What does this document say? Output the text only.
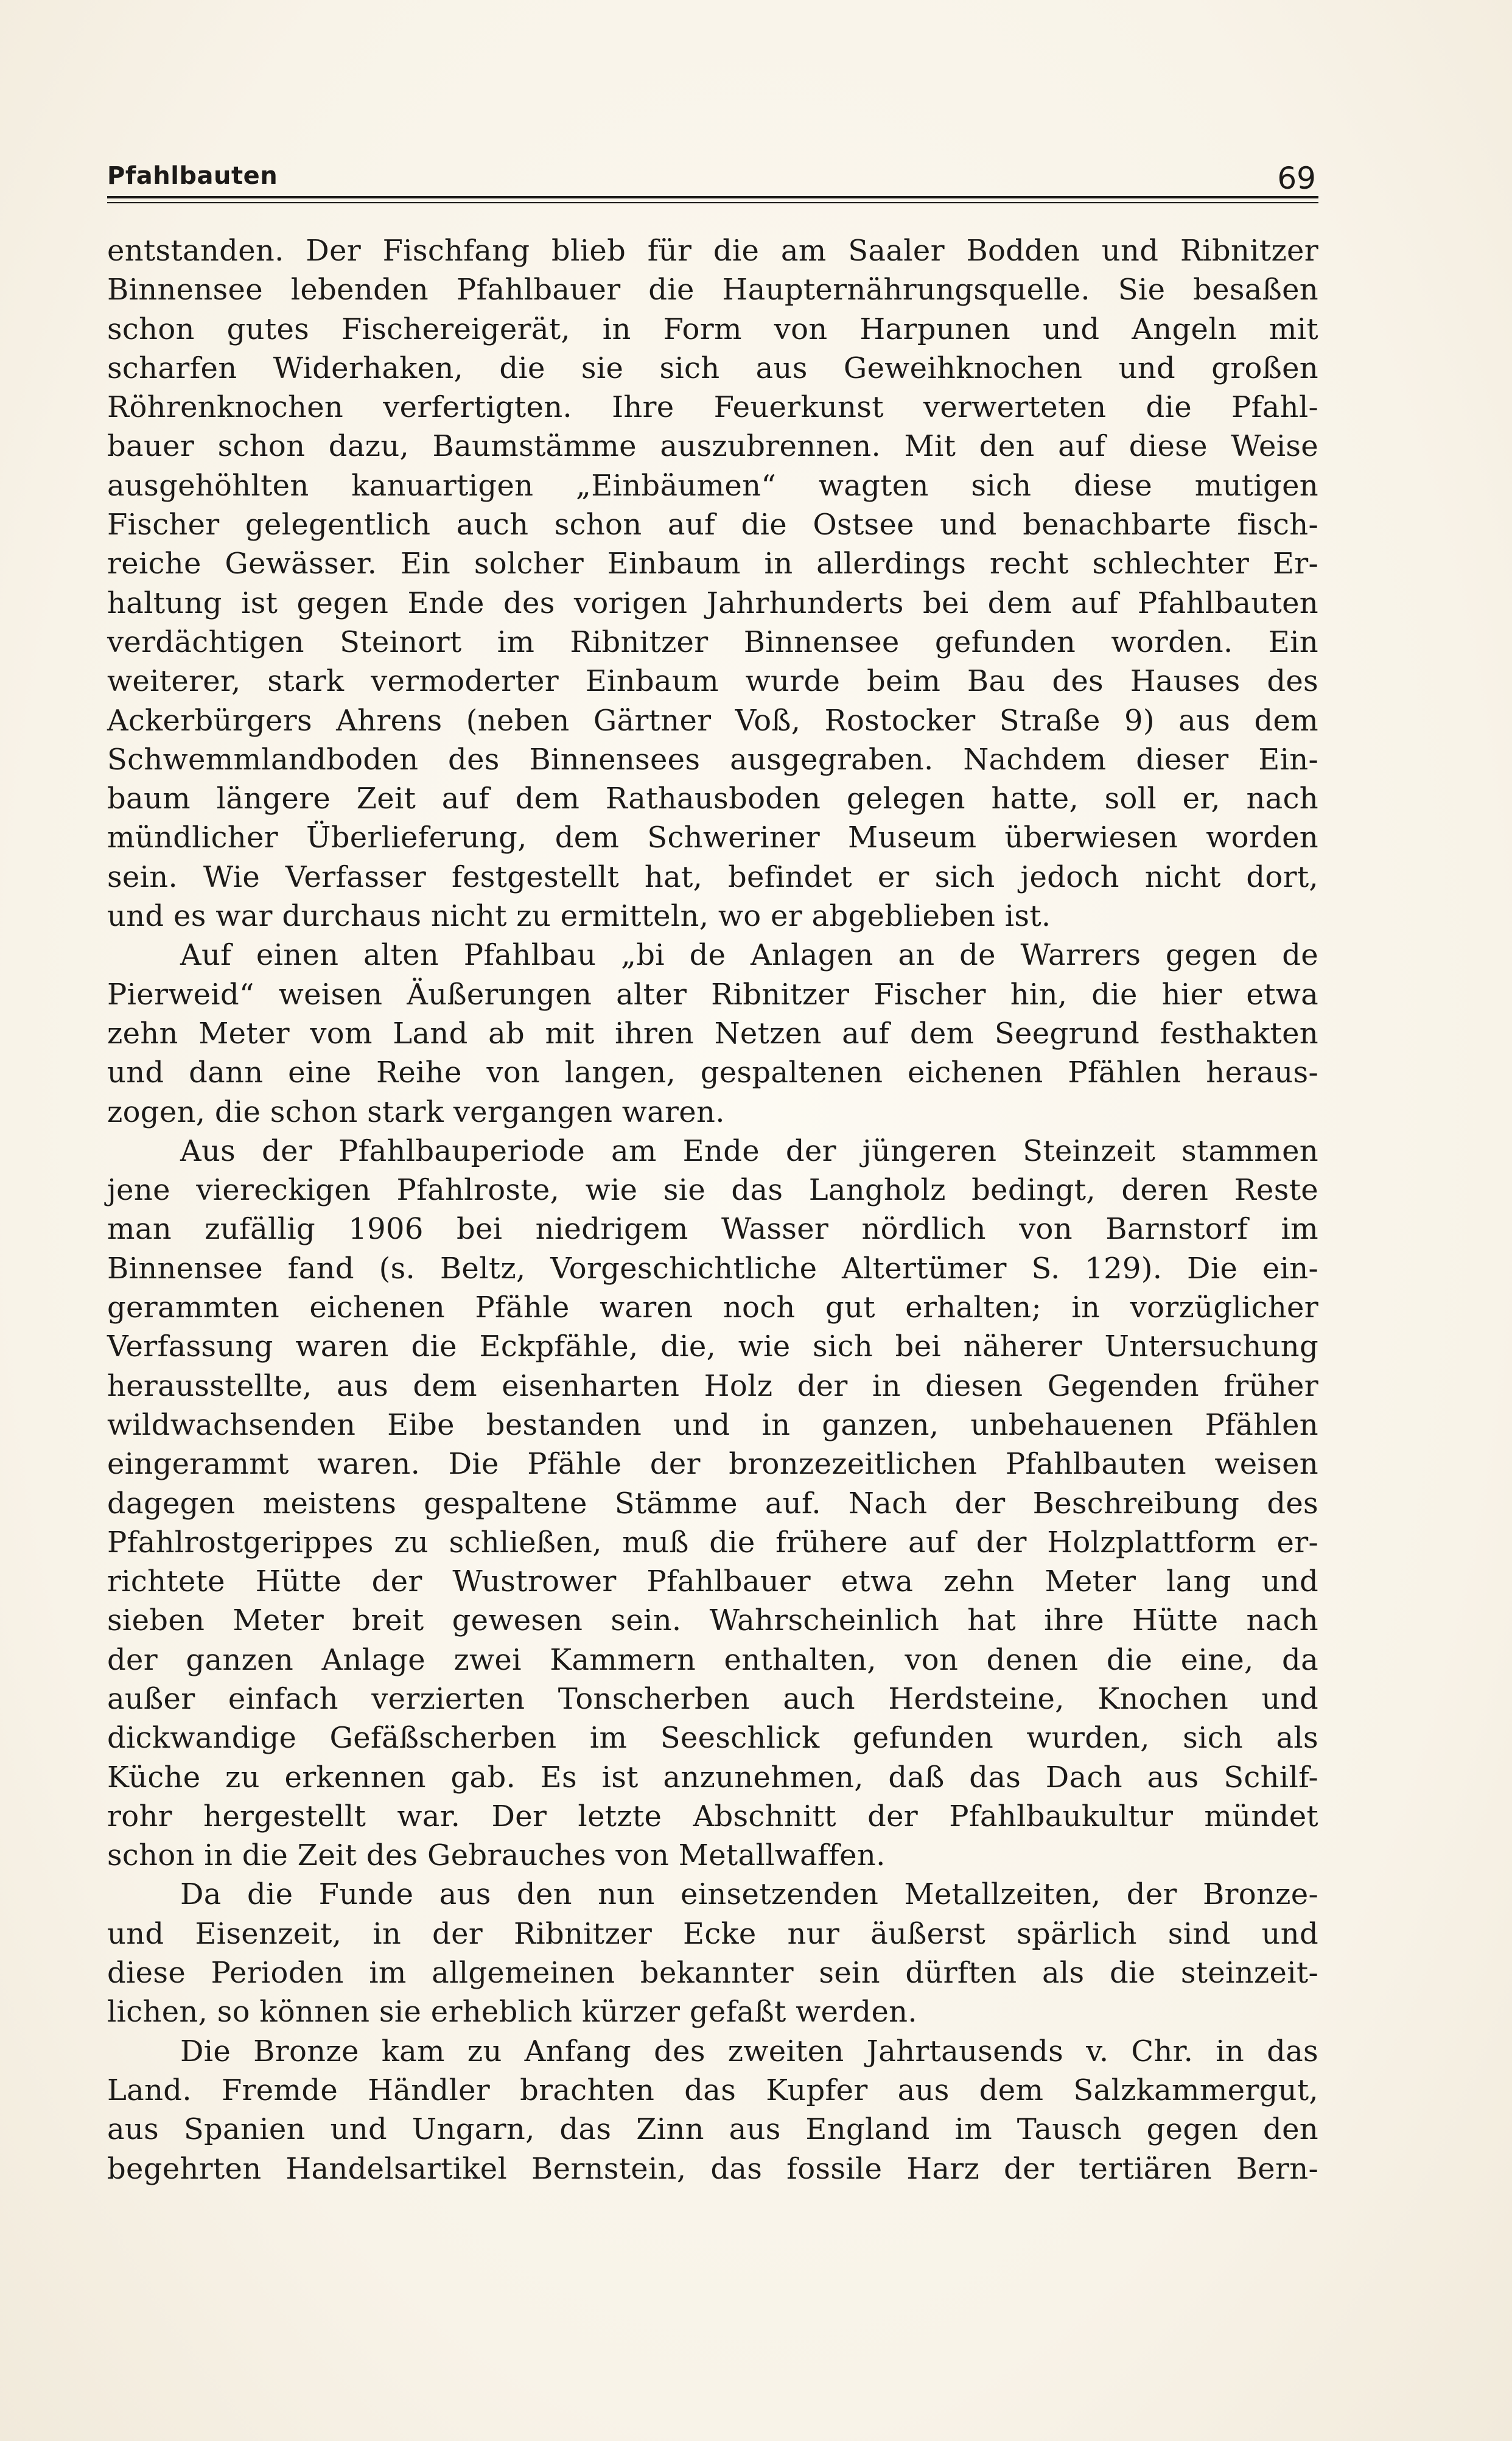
Pfahlbauten	69
entstanden. Der Fischfang blieb für die am Saaler Bodden und Ribnitzer
Binnensee lebenden Pfahlbauer die Haupternährungsquelle. Sie besaßen
schon gutes Fischereigerät, in Form von Harpunen und Angeln mit
scharfen Widerhaken, die sie sich aus Geweihknochen und großen
Röhrenknochen verfertigten. Ihre Feuerkunst verwerteten die Pfahl-
bauer schon dazu, Baumstämme auszubrennen. Mit den auf diese Weise
ausgehöhlten kanuartigen „Einbäumen“ wagten sich diese mutigen
Fischer gelegentlich auch schon auf die Ostsee und benachbarte fisch-
reiche Gewässer. Ein solcher Einbaum in allerdings recht schlechter Er-
haltung ist gegen Ende des vorigen Jahrhunderts bei dem auf Pfahlbauten
verdächtigen Steinort im Ribnitzer Binnensee gefunden worden. Ein
weiterer, stark vermoderter Einbaum wurde beim Bau des Hauses des
Ackerbürgers Ahrens (neben Gärtner Voß, Rostocker Straße 9) aus dem
Schwemmlandboden des Binnensees ausgegraben. Nachdem dieser Ein-
baum längere Zeit auf dem Rathausboden gelegen hatte, soll er, nach
mündlicher Überlieferung, dem Schweriner Museum überwiesen worden
sein. Wie Verfasser festgestellt hat, befindet er sich jedoch nicht dort,
und es war durchaus nicht zu ermitteln, wo er abgeblieben ist.
Auf einen alten Pfahlbau „bi de Anlagen an de Warrers gegen de
Pierweid“ weisen Äußerungen alter Ribnitzer Fischer hin, die hier etwa
zehn Meter vom Land ab mit ihren Netzen auf dem Seegrund festhakten
und dann eine Reihe von langen, gespaltenen eichenen Pfählen heraus-
zogen, die schon stark vergangen waren.
Aus der Pfahlbauperiode am Ende der jüngeren Steinzeit stammen
jene viereckigen Pfahlroste, wie sie das Langholz bedingt, deren Reste
man zufällig 1906 bei niedrigem Wasser nördlich von Barnstorf im
Binnensee fand (s. Beltz, Vorgeschichtliche Altertümer S. 129). Die ein-
gerammten eichenen Pfähle waren noch gut erhalten; in vorzüglicher
Verfassung waren die Eckpfähle, die, wie sich bei näherer Untersuchung
herausstellte, aus dem eisenharten Holz der in diesen Gegenden früher
wildwachsenden Eibe bestanden und in ganzen, unbehauenen Pfählen
eingerammt waren. Die Pfähle der bronzezeitlichen Pfahlbauten weisen
dagegen meistens gespaltene Stämme auf. Nach der Beschreibung des
Pfahlrostgerippes zu schließen, muß die frühere auf der Holzplattform er-
richtete Hütte der Wustrower Pfahlbauer etwa zehn Meter lang und
sieben Meter breit gewesen sein. Wahrscheinlich hat ihre Hütte nach
der ganzen Anlage zwei Kammern enthalten, von denen die eine, da
außer einfach verzierten Tonscherben auch Herdsteine, Knochen und
dickwandige Gefäßscherben im Seeschlick gefunden wurden, sich als
Küche zu erkennen gab. Es ist anzunehmen, daß das Dach aus Schilf-
rohr hergestellt war. Der letzte Abschnitt der Pfahlbaukultur mündet
schon in die Zeit des Gebrauches von Metallwaffen.
Da die Funde aus den nun einsetzenden Metallzeiten, der Bronze-
und Eisenzeit, in der Ribnitzer Ecke nur äußerst spärlich sind und
diese Perioden im allgemeinen bekannter sein dürften als die steinzeit-
lichen, so können sie erheblich kürzer gefaßt werden.
Die Bronze kam zu Anfang des zweiten Jahrtausends v. Chr. in das
Land. Fremde Händler brachten das Kupfer aus dem Salzkammergut,
aus Spanien und Ungarn, das Zinn aus England im Tausch gegen den
begehrten Handelsartikel Bernstein, das fossile Harz der tertiären Bern-
